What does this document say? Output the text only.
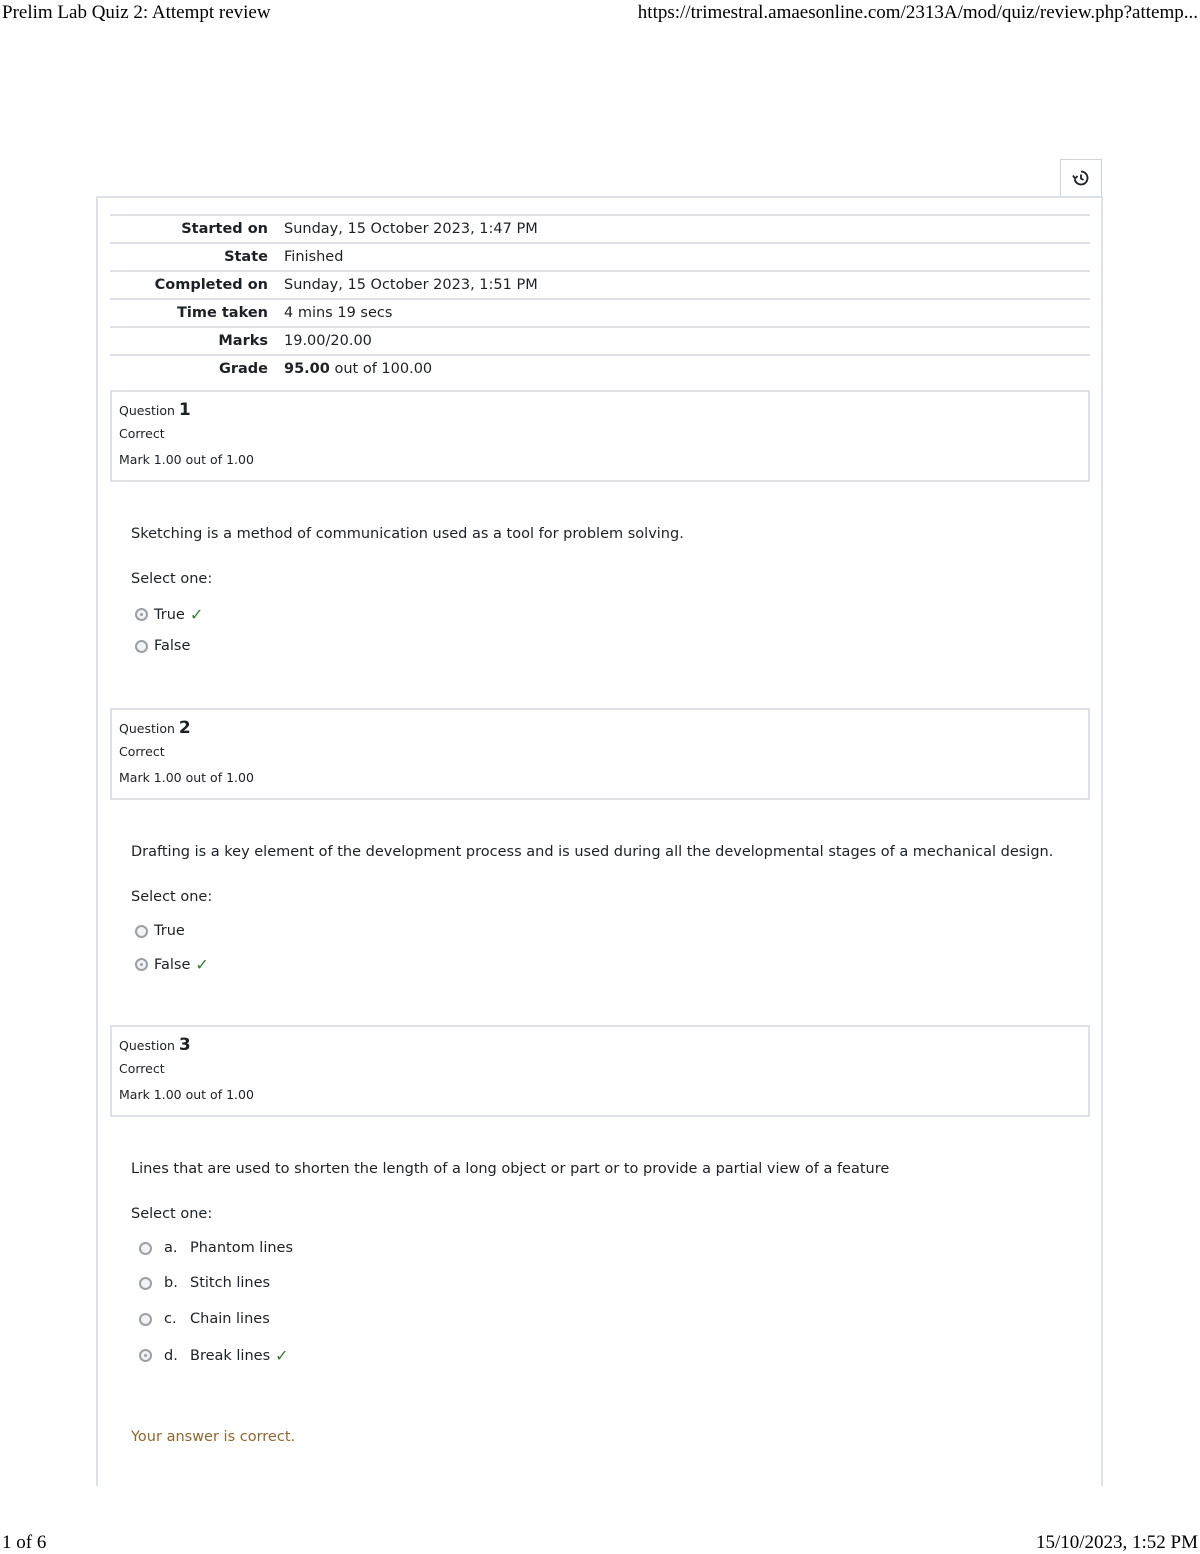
Prelim Lab Quiz 2: Attempt review	https://trimestral.amaesonline.com/2313A/mod/quiz/review.php?attemp...
Started on	Sunday, 15 October 2023, 1:47 PM
State	Finished
Completed on	Sunday, 15 October 2023, 1:51 PM
Time taken	4 mins 19 secs
Marks	19.00/20.00
Grade	95.00 out of 100.00
Question 1
Correct
Mark 1.00 out of 1.00
Sketching is a method of communication used as a tool for problem solving.
Select one:
True ✓
False
Question 2
Correct
Mark 1.00 out of 1.00
Drafting is a key element of the development process and is used during all the developmental stages of a mechanical design.
Select one:
True
False ✓
Question 3
Correct
Mark 1.00 out of 1.00
Lines that are used to shorten the length of a long object or part or to provide a partial view of a feature
Select one:
a. Phantom lines
b. Stitch lines
c. Chain lines
d. Break lines ✓
Your answer is correct.
1 of 6	15/10/2023, 1:52 PM
